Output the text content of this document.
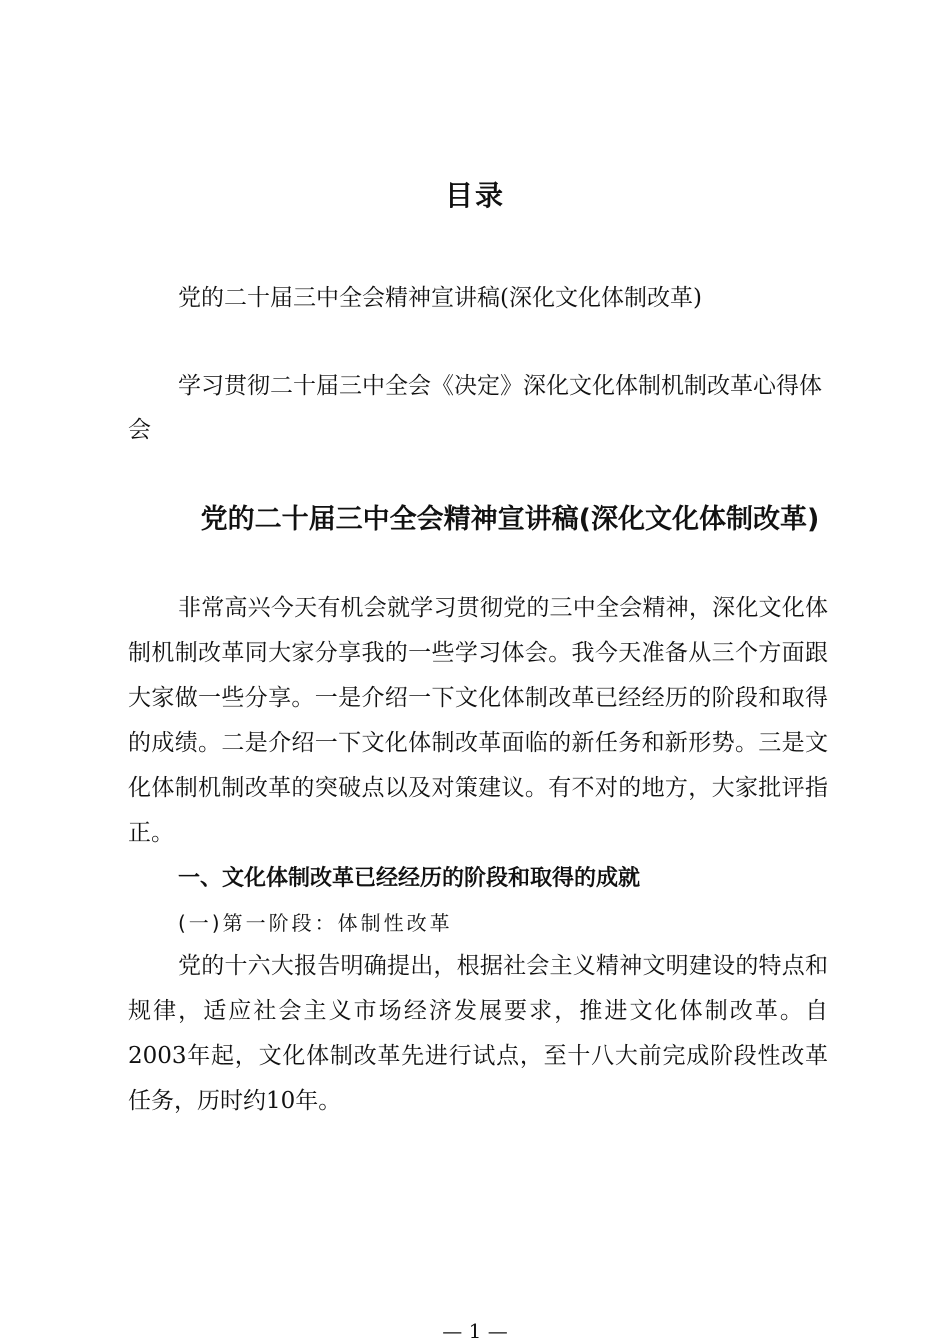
目录
党的二十届三中全会精神宣讲稿(深化文化体制改革)
学习贯彻二十届三中全会《决定》深化文化体制机制改革心得体会
党的二十届三中全会精神宣讲稿(深化文化体制改革)
非常高兴今天有机会就学习贯彻党的三中全会精神，深化文化体制机制改革同大家分享我的一些学习体会。我今天准备从三个方面跟大家做一些分享。一是介绍一下文化体制改革已经经历的阶段和取得的成绩。二是介绍一下文化体制改革面临的新任务和新形势。三是文化体制机制改革的突破点以及对策建议。有不对的地方，大家批评指正。
一、文化体制改革已经经历的阶段和取得的成就
(一)第一阶段：体制性改革
党的十六大报告明确提出，根据社会主义精神文明建设的特点和规律，适应社会主义市场经济发展要求，推进文化体制改革。自2003年起，文化体制改革先进行试点，至十八大前完成阶段性改革任务，历时约10年。
— 1 —
